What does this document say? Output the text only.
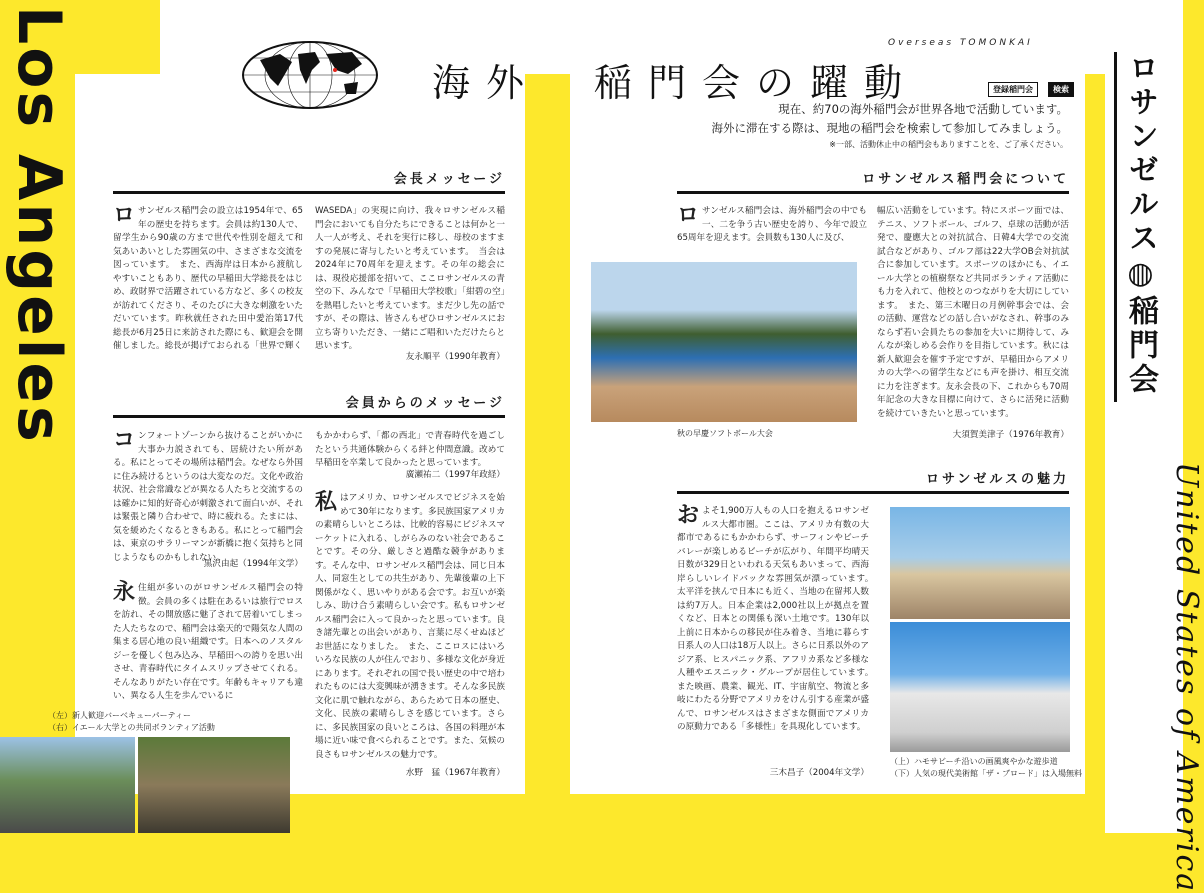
Los Angeles
United States of America
ロサンゼルス◍稲門会
Overseas TOMONKAI
海外　稲門会の躍動	登録稲門会	検索
現在、約70の海外稲門会が世界各地で活動しています。
海外に滞在する際は、現地の稲門会を検索して参加してみましょう。
※一部、活動休止中の稲門会もありますことを、ご了承ください。
会長メッセージ
ロサンゼルス稲門会の設立は1954年で、65年の歴史を持ちます。会員は約130人で、留学生から90歳の方まで世代や性別を超えて和気あいあいとした雰囲気の中、さまざまな交流を図っています。　また、西海岸は日本から渡航しやすいこともあり、歴代の早稲田大学総長をはじめ、政財界で活躍されている方など、多くの校友が訪れてくださり、そのたびに大きな刺激をいただいています。昨秋就任された田中愛治第17代総長が6月25日に来訪された際にも、歓迎会を開催しました。総長が掲げておられる「世界で輝く
WASEDA」の実現に向け、我々ロサンゼルス稲門会においても自分たちにできることは何かと一人一人が考え、それを実行に移し、母校のますますの発展に寄与したいと考えています。　当会は2024年に70周年を迎えます。その年の総会には、現役応援部を招いて、ここロサンゼルスの青空の下、みんなで「早稲田大学校歌」「紺碧の空」を熱唱したいと考えています。まだ少し先の話ですが、その際は、皆さんもぜひロサンゼルスにお立ち寄りいただき、一緒にご唱和いただけたらと思います。
友永順平（1990年教育）
会員からのメッセージ
コンフォートゾーンから抜けることがいかに大事か力説されても、居続けたい所がある。私にとってその場所は稲門会。なぜなら外国に住み続けるというのは大変なのだ。文化や政治状況、社会常識などが異なる人たちと交流するのは確かに知的好奇心が刺激されて面白いが、それは緊張と隣り合わせで、時に疲れる。たまには、気を緩めたくなるときもある。私にとって稲門会は、東京のサラリーマンが新橋に抱く気持ちと同じようなものかもしれない。
黒沢由起（1994年文学）
永住組が多いのがロサンゼルス稲門会の特徴。会員の多くは駐在あるいは旅行でロスを訪れ、その開放感に魅了されて居着いてしまった人たちなので、稲門会は楽天的で陽気な人間の集まる居心地の良い組織です。日本へのノスタルジーを優しく包み込み、早稲田への誇りを思い出させ、青春時代にタイムスリップさせてくれる。そんなありがたい存在です。年齢もキャリアも違い、異なる人生を歩んでいるに
もかかわらず、「都の西北」で青春時代を過ごしたという共通体験からくる絆と仲間意識。改めて早稲田を卒業して良かったと思っています。
廣瀬祐二（1997年政経）
私はアメリカ、ロサンゼルスでビジネスを始めて30年になります。多民族国家アメリカの素晴らしいところは、比較的容易にビジネスマーケットに入れる、しがらみのない社会であることです。その分、厳しさと過酷な競争があります。そんな中、ロサンゼルス稲門会は、同じ日本人、同窓生としての共生があり、先輩後輩の上下関係がなく、思いやりがある会です。お互いが楽しみ、助け合う素晴らしい会です。私もロサンゼルス稲門会に入って良かったと思っています。良き諸先輩との出会いがあり、言葉に尽くせぬほどお世話になりました。　また、ここロスにはいろいろな民族の人が住んでおり、多様な文化が身近にあります。それぞれの国で長い歴史の中で培われたものには大変興味が湧きます。そんな多民族文化に肌で触れながら、あらためて日本の歴史、文化、民族の素晴らしさを感じています。さらに、多民族国家の良いところは、各国の料理が本場に近い味で食べられることです。また、気候の良さもロサンゼルスの魅力です。
水野　猛（1967年教育）
（左）新人歓迎バーベキューパーティー
（右）イエール大学との共同ボランティア活動
ロサンゼルス稲門会について
ロサンゼルス稲門会は、海外稲門会の中でも一、二を争う古い歴史を誇り、今年で設立65周年を迎えます。会員数も130人に及び、
秋の早慶ソフトボール大会
幅広い活動をしています。特にスポーツ面では、テニス、ソフトボール、ゴルフ、卓球の活動が活発で、慶應大との対抗試合、日韓4大学での交流試合などがあり、ゴルフ部は22大学OB会対抗試合に参加しています。スポーツのほかにも、イエール大学との植樹祭など共同ボランティア活動にも力を入れて、他校とのつながりを大切にしています。　また、第三木曜日の月例幹事会では、会の活動、運営などの話し合いがなされ、幹事のみならず若い会員たちの参加を大いに期待して、みんなが楽しめる会作りを目指しています。秋には新人歓迎会を催す予定ですが、早稲田からアメリカの大学への留学生などにも声を掛け、相互交流に力を注ぎます。友永会長の下、これからも70周年記念の大きな目標に向けて、さらに活発に活動を続けていきたいと思っています。
大須賀美津子（1976年教育）
ロサンゼルスの魅力
およそ1,900万人もの人口を抱えるロサンゼルス大都市圏。ここは、アメリカ有数の大都市であるにもかかわらず、サーフィンやビーチバレーが楽しめるビーチが広がり、年間平均晴天日数が329日といわれる天気もあいまって、西海岸らしいレイドバックな雰囲気が漂っています。　太平洋を挟んで日本にも近く、当地の在留邦人数は約7万人。日本企業は2,000社以上が拠点を置くなど、日本との関係も深い土地です。130年以上前に日本からの移民が住み着き、当地に暮らす日系人の人口は18万人以上。さらに日系以外のアジア系、ヒスパニック系、アフリカ系など多様な人種やエスニック・グループが居住しています。　また映画、農業、観光、IT、宇宙航空、物流と多岐にわたる分野でアメリカをけん引する産業が盛んで、ロサンゼルスはさまざまな側面でアメリカの原動力である「多様性」を具現化しています。
三木昌子（2004年文学）
（上）ハモサビーチ沿いの画風爽やかな遊歩道
（下）人気の現代美術館「ザ・ブロード」は入場無料
